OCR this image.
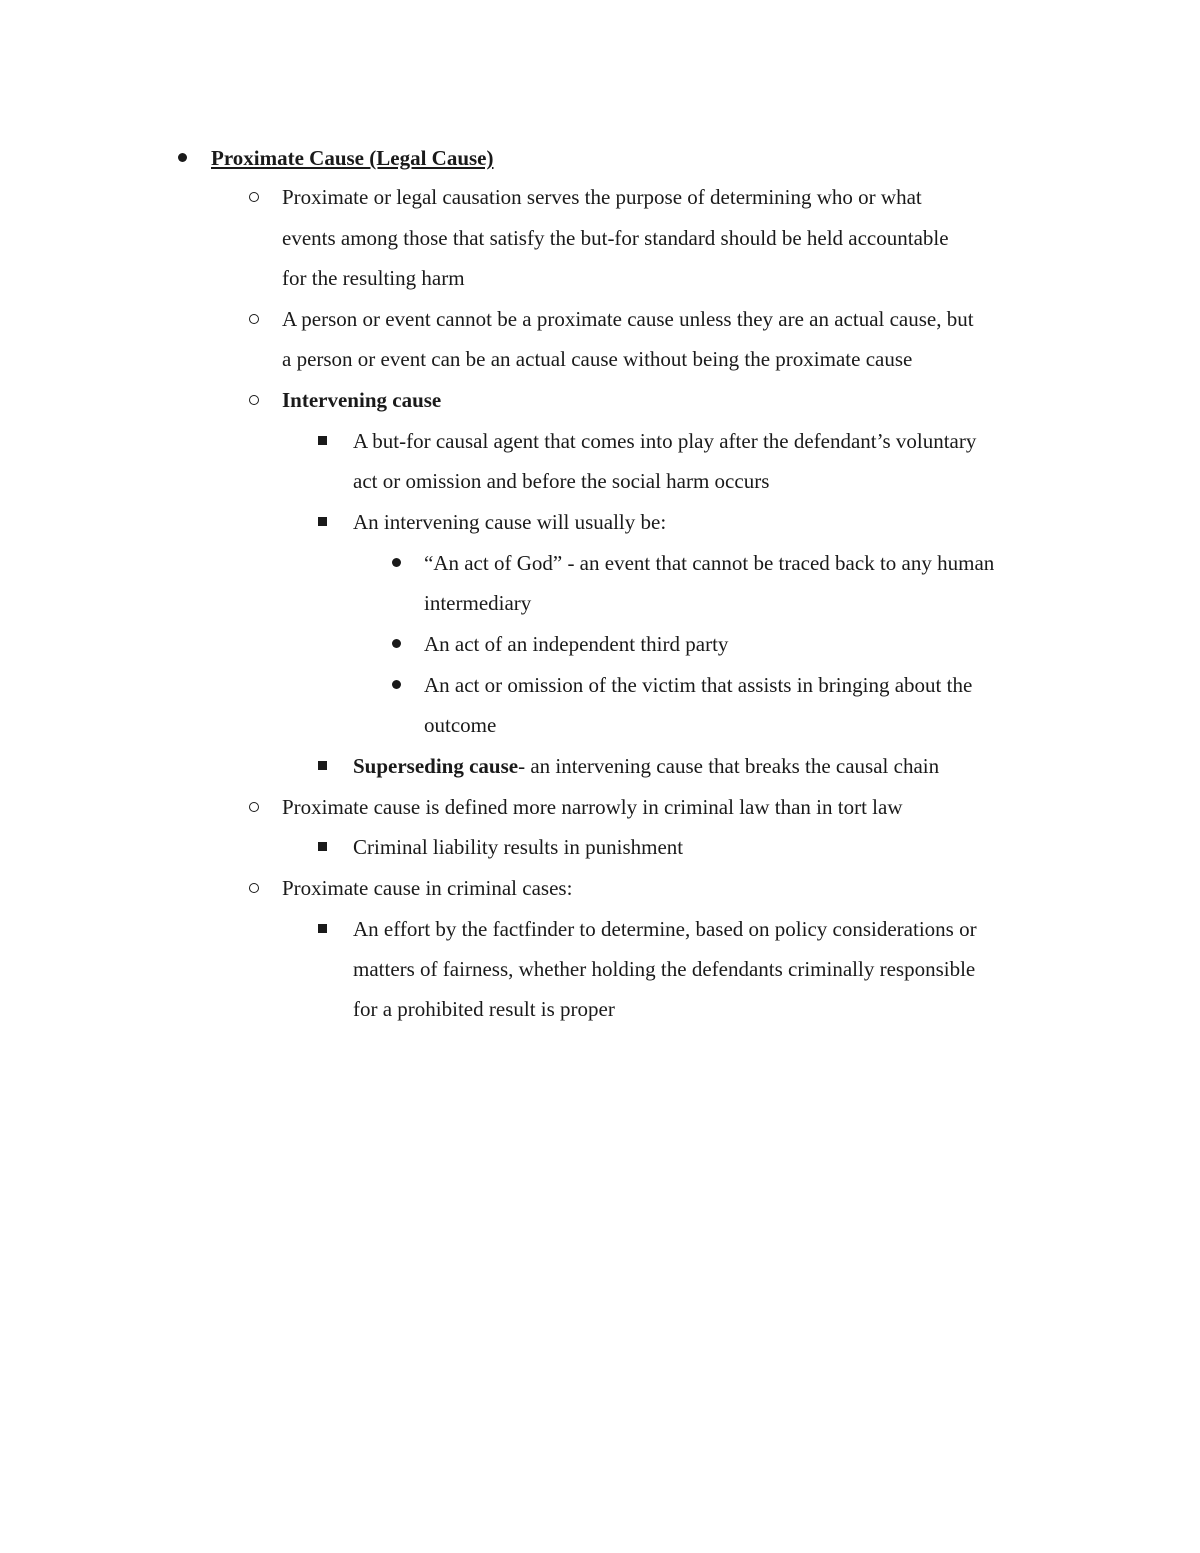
Proximate Cause (Legal Cause)
Proximate or legal causation serves the purpose of determining who or what
events among those that satisfy the but-for standard should be held accountable
for the resulting harm
A person or event cannot be a proximate cause unless they are an actual cause, but
a person or event can be an actual cause without being the proximate cause
Intervening cause
A but-for causal agent that comes into play after the defendant’s voluntary
act or omission and before the social harm occurs
An intervening cause will usually be:
“An act of God” - an event that cannot be traced back to any human
intermediary
An act of an independent third party
An act or omission of the victim that assists in bringing about the
outcome
Superseding cause- an intervening cause that breaks the causal chain
Proximate cause is defined more narrowly in criminal law than in tort law
Criminal liability results in punishment
Proximate cause in criminal cases:
An effort by the factfinder to determine, based on policy considerations or
matters of fairness, whether holding the defendants criminally responsible
for a prohibited result is proper
